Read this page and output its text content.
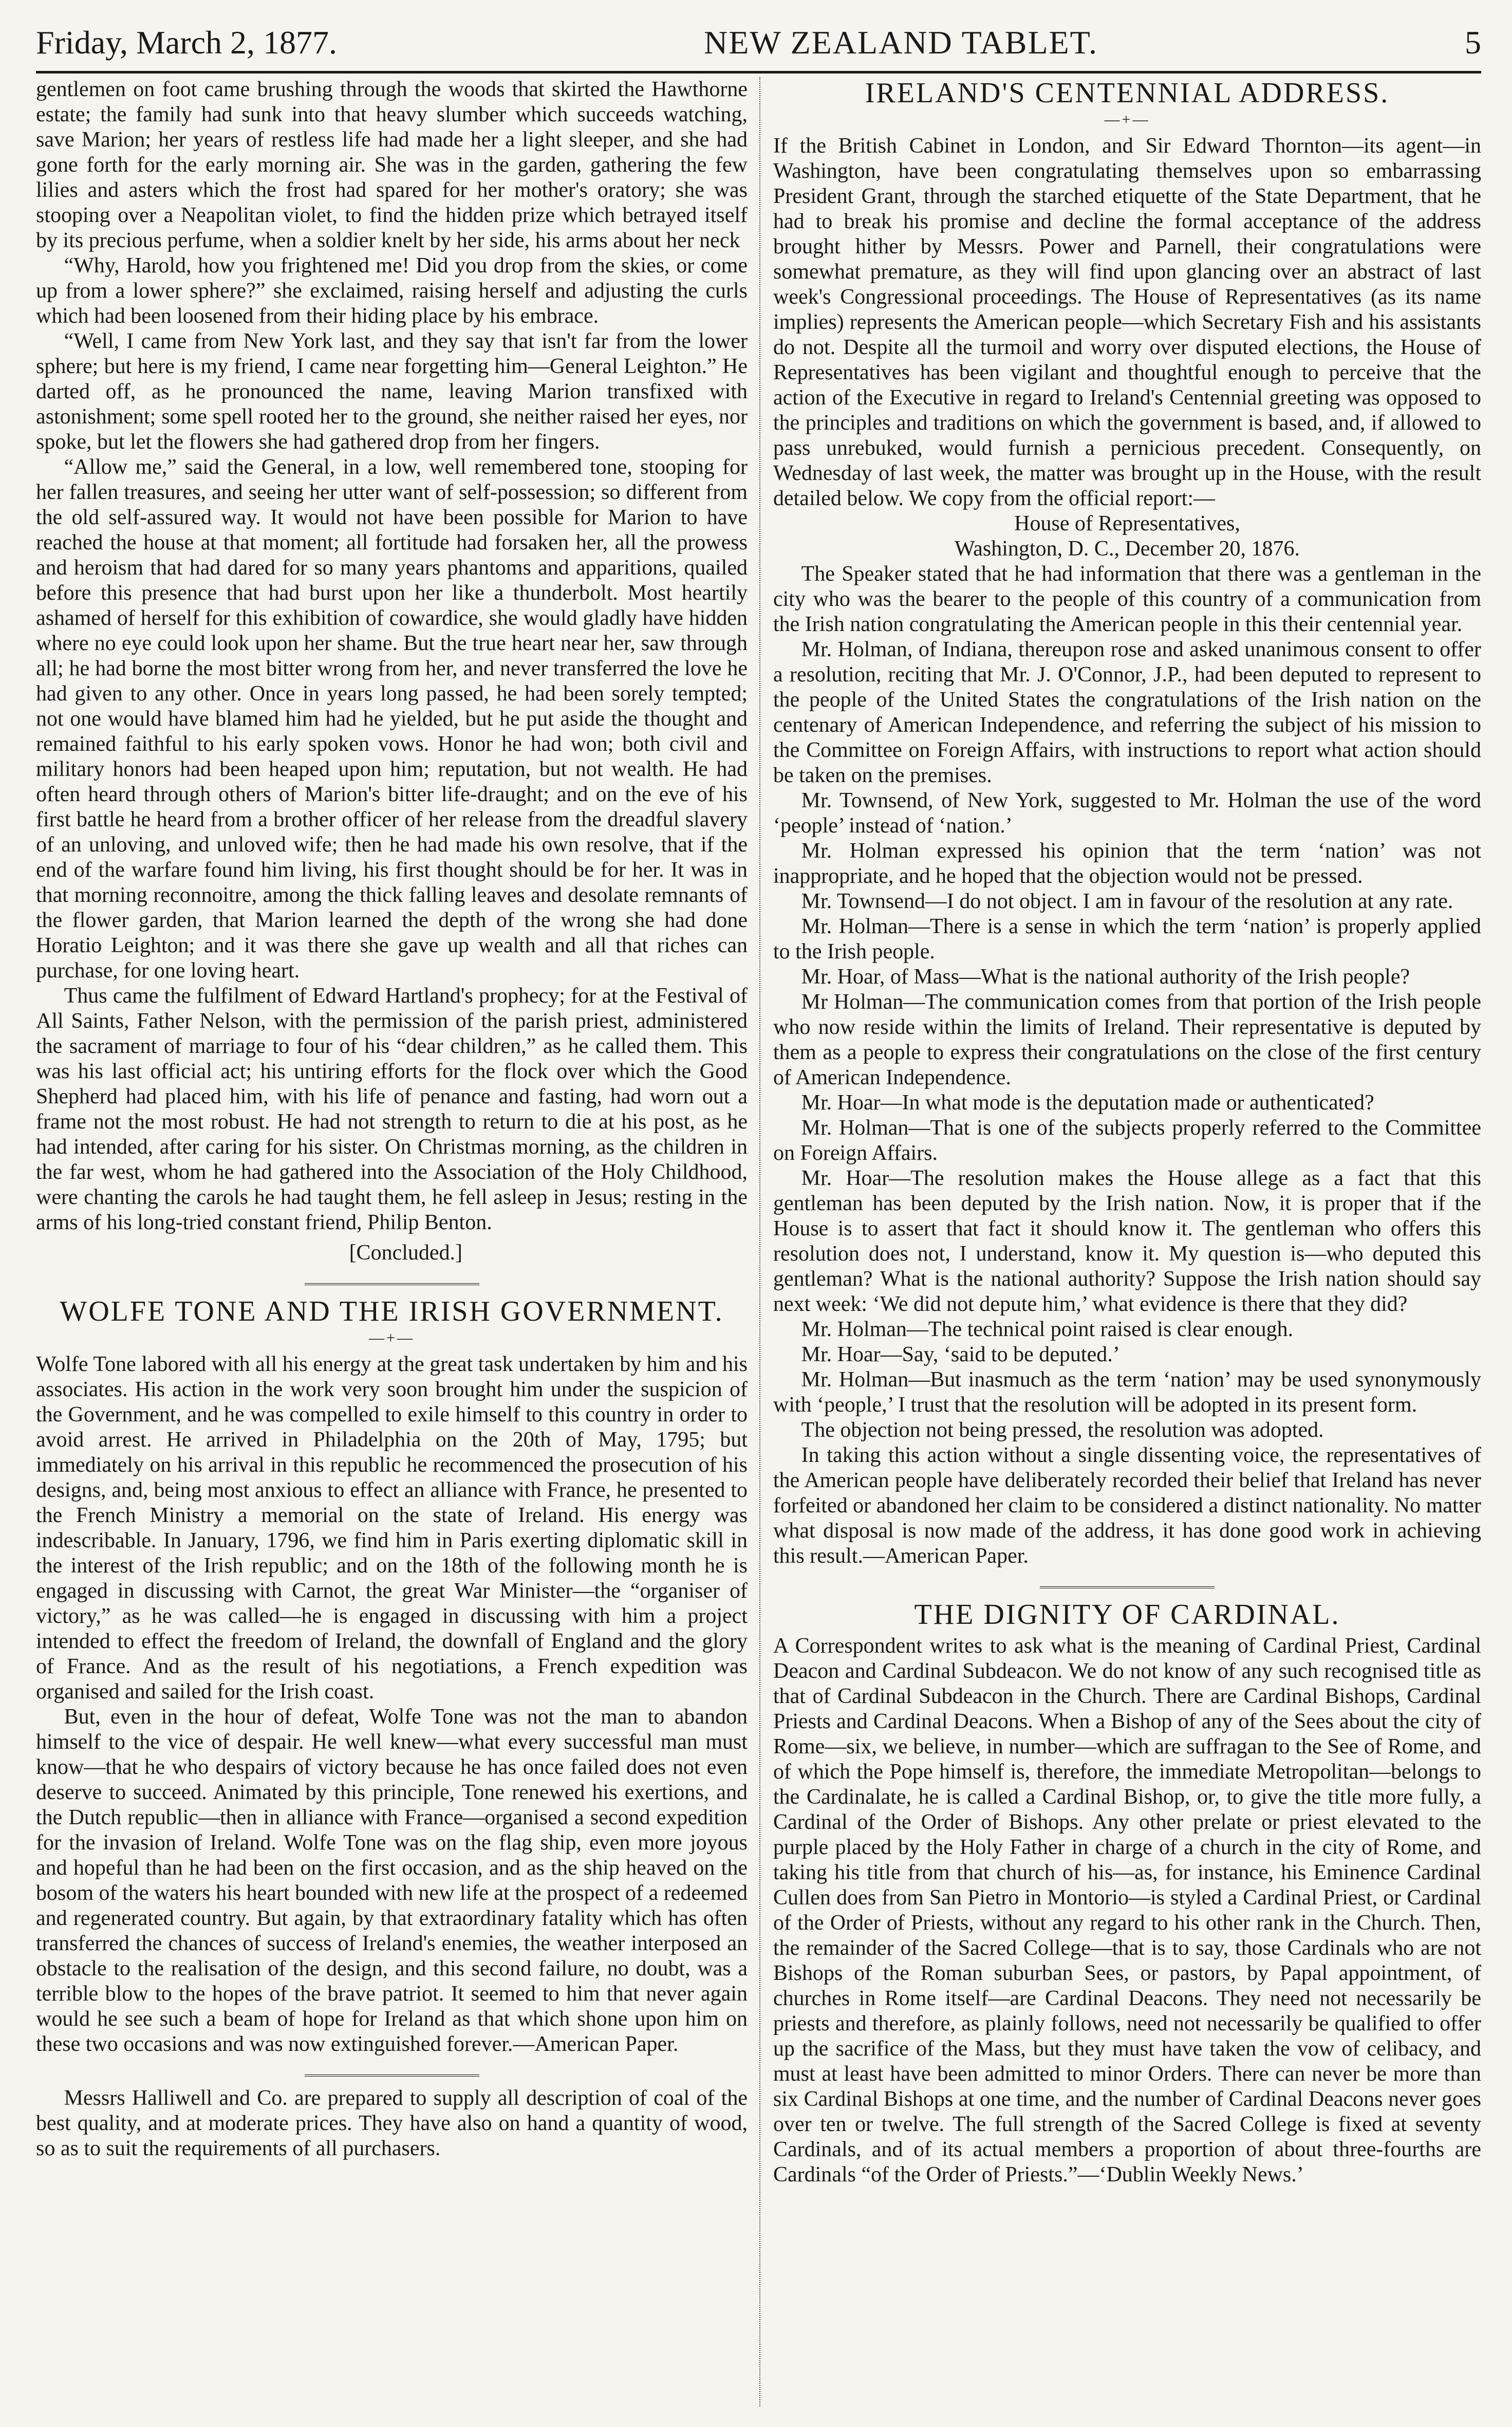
Friday, March 2, 1877.	NEW ZEALAND TABLET.	5

gentlemen on foot came brushing through the woods that skirted the Hawthorne estate; the family had sunk into that heavy slumber which succeeds watching, save Marion; her years of restless life had made her a light sleeper, and she had gone forth for the early morning air. She was in the garden, gathering the few lilies and asters which the frost had spared for her mother's oratory; she was stooping over a Neapolitan violet, to find the hidden prize which betrayed itself by its precious perfume, when a soldier knelt by her side, his arms about her neck

“Why, Harold, how you frightened me! Did you drop from the skies, or come up from a lower sphere?” she exclaimed, raising herself and adjusting the curls which had been loosened from their hiding place by his embrace.

“Well, I came from New York last, and they say that isn't far from the lower sphere; but here is my friend, I came near forgetting him—General Leighton.” He darted off, as he pronounced the name, leaving Marion transfixed with astonishment; some spell rooted her to the ground, she neither raised her eyes, nor spoke, but let the flowers she had gathered drop from her fingers.

“Allow me,” said the General, in a low, well remembered tone, stooping for her fallen treasures, and seeing her utter want of self-possession; so different from the old self-assured way. It would not have been possible for Marion to have reached the house at that moment; all fortitude had forsaken her, all the prowess and heroism that had dared for so many years phantoms and apparitions, quailed before this presence that had burst upon her like a thunderbolt. Most heartily ashamed of herself for this exhibition of cowardice, she would gladly have hidden where no eye could look upon her shame. But the true heart near her, saw through all; he had borne the most bitter wrong from her, and never transferred the love he had given to any other. Once in years long passed, he had been sorely tempted; not one would have blamed him had he yielded, but he put aside the thought and remained faithful to his early spoken vows. Honor he had won; both civil and military honors had been heaped upon him; reputation, but not wealth. He had often heard through others of Marion's bitter life-draught; and on the eve of his first battle he heard from a brother officer of her release from the dreadful slavery of an unloving, and unloved wife; then he had made his own resolve, that if the end of the warfare found him living, his first thought should be for her. It was in that morning reconnoitre, among the thick falling leaves and desolate remnants of the flower garden, that Marion learned the depth of the wrong she had done Horatio Leighton; and it was there she gave up wealth and all that riches can purchase, for one loving heart.

Thus came the fulfilment of Edward Hartland's prophecy; for at the Festival of All Saints, Father Nelson, with the permission of the parish priest, administered the sacrament of marriage to four of his “dear children,” as he called them. This was his last official act; his untiring efforts for the flock over which the Good Shepherd had placed him, with his life of penance and fasting, had worn out a frame not the most robust. He had not strength to return to die at his post, as he had intended, after caring for his sister. On Christmas morning, as the children in the far west, whom he had gathered into the Association of the Holy Childhood, were chanting the carols he had taught them, he fell asleep in Jesus; resting in the arms of his long-tried constant friend, Philip Benton.

[Concluded.]

WOLFE TONE AND THE IRISH GOVERNMENT.
—+—

Wolfe Tone labored with all his energy at the great task undertaken by him and his associates. His action in the work very soon brought him under the suspicion of the Government, and he was compelled to exile himself to this country in order to avoid arrest. He arrived in Philadelphia on the 20th of May, 1795; but immediately on his arrival in this republic he recommenced the prosecution of his designs, and, being most anxious to effect an alliance with France, he presented to the French Ministry a memorial on the state of Ireland. His energy was indescribable. In January, 1796, we find him in Paris exerting diplomatic skill in the interest of the Irish republic; and on the 18th of the following month he is engaged in discussing with Carnot, the great War Minister—the “organiser of victory,” as he was called—he is engaged in discussing with him a project intended to effect the freedom of Ireland, the downfall of England and the glory of France. And as the result of his negotiations, a French expedition was organised and sailed for the Irish coast.

But, even in the hour of defeat, Wolfe Tone was not the man to abandon himself to the vice of despair. He well knew—what every successful man must know—that he who despairs of victory because he has once failed does not even deserve to succeed. Animated by this principle, Tone renewed his exertions, and the Dutch republic—then in alliance with France—organised a second expedition for the invasion of Ireland. Wolfe Tone was on the flag ship, even more joyous and hopeful than he had been on the first occasion, and as the ship heaved on the bosom of the waters his heart bounded with new life at the prospect of a redeemed and regenerated country. But again, by that extraordinary fatality which has often transferred the chances of success of Ireland's enemies, the weather interposed an obstacle to the realisation of the design, and this second failure, no doubt, was a terrible blow to the hopes of the brave patriot. It seemed to him that never again would he see such a beam of hope for Ireland as that which shone upon him on these two occasions and was now extinguished forever.—American Paper.

Messrs Halliwell and Co. are prepared to supply all description of coal of the best quality, and at moderate prices. They have also on hand a quantity of wood, so as to suit the requirements of all purchasers.

IRELAND'S CENTENNIAL ADDRESS.
—+—

If the British Cabinet in London, and Sir Edward Thornton—its agent—in Washington, have been congratulating themselves upon so embarrassing President Grant, through the starched etiquette of the State Department, that he had to break his promise and decline the formal acceptance of the address brought hither by Messrs. Power and Parnell, their congratulations were somewhat premature, as they will find upon glancing over an abstract of last week's Congressional proceedings. The House of Representatives (as its name implies) represents the American people—which Secretary Fish and his assistants do not. Despite all the turmoil and worry over disputed elections, the House of Representatives has been vigilant and thoughtful enough to perceive that the action of the Executive in regard to Ireland's Centennial greeting was opposed to the principles and traditions on which the government is based, and, if allowed to pass unrebuked, would furnish a pernicious precedent. Consequently, on Wednesday of last week, the matter was brought up in the House, with the result detailed below. We copy from the official report:—

House of Representatives,

Washington, D. C., December 20, 1876.

The Speaker stated that he had information that there was a gentleman in the city who was the bearer to the people of this country of a communication from the Irish nation congratulating the American people in this their centennial year.

Mr. Holman, of Indiana, thereupon rose and asked unanimous consent to offer a resolution, reciting that Mr. J. O'Connor, J.P., had been deputed to represent to the people of the United States the congratulations of the Irish nation on the centenary of American Independence, and referring the subject of his mission to the Committee on Foreign Affairs, with instructions to report what action should be taken on the premises.

Mr. Townsend, of New York, suggested to Mr. Holman the use of the word ‘people’ instead of ‘nation.’

Mr. Holman expressed his opinion that the term ‘nation’ was not inappropriate, and he hoped that the objection would not be pressed.

Mr. Townsend—I do not object. I am in favour of the resolution at any rate.

Mr. Holman—There is a sense in which the term ‘nation’ is properly applied to the Irish people.

Mr. Hoar, of Mass—What is the national authority of the Irish people?

Mr Holman—The communication comes from that portion of the Irish people who now reside within the limits of Ireland. Their representative is deputed by them as a people to express their congratulations on the close of the first century of American Independence.

Mr. Hoar—In what mode is the deputation made or authenticated?

Mr. Holman—That is one of the subjects properly referred to the Committee on Foreign Affairs.

Mr. Hoar—The resolution makes the House allege as a fact that this gentleman has been deputed by the Irish nation. Now, it is proper that if the House is to assert that fact it should know it. The gentleman who offers this resolution does not, I understand, know it. My question is—who deputed this gentleman? What is the national authority? Suppose the Irish nation should say next week: ‘We did not depute him,’ what evidence is there that they did?

Mr. Holman—The technical point raised is clear enough.

Mr. Hoar—Say, ‘said to be deputed.’

Mr. Holman—But inasmuch as the term ‘nation’ may be used synonymously with ‘people,’ I trust that the resolution will be adopted in its present form.

The objection not being pressed, the resolution was adopted.

In taking this action without a single dissenting voice, the representatives of the American people have deliberately recorded their belief that Ireland has never forfeited or abandoned her claim to be considered a distinct nationality. No matter what disposal is now made of the address, it has done good work in achieving this result.—American Paper.

THE DIGNITY OF CARDINAL.

A Correspondent writes to ask what is the meaning of Cardinal Priest, Cardinal Deacon and Cardinal Subdeacon. We do not know of any such recognised title as that of Cardinal Subdeacon in the Church. There are Cardinal Bishops, Cardinal Priests and Cardinal Deacons. When a Bishop of any of the Sees about the city of Rome—six, we believe, in number—which are suffragan to the See of Rome, and of which the Pope himself is, therefore, the immediate Metropolitan—belongs to the Cardinalate, he is called a Cardinal Bishop, or, to give the title more fully, a Cardinal of the Order of Bishops. Any other prelate or priest elevated to the purple placed by the Holy Father in charge of a church in the city of Rome, and taking his title from that church of his—as, for instance, his Eminence Cardinal Cullen does from San Pietro in Montorio—is styled a Cardinal Priest, or Cardinal of the Order of Priests, without any regard to his other rank in the Church. Then, the remainder of the Sacred College—that is to say, those Cardinals who are not Bishops of the Roman suburban Sees, or pastors, by Papal appointment, of churches in Rome itself—are Cardinal Deacons. They need not necessarily be priests and therefore, as plainly follows, need not necessarily be qualified to offer up the sacrifice of the Mass, but they must have taken the vow of celibacy, and must at least have been admitted to minor Orders. There can never be more than six Cardinal Bishops at one time, and the number of Cardinal Deacons never goes over ten or twelve. The full strength of the Sacred College is fixed at seventy Cardinals, and of its actual members a proportion of about three-fourths are Cardinals “of the Order of Priests.”—‘Dublin Weekly News.’
